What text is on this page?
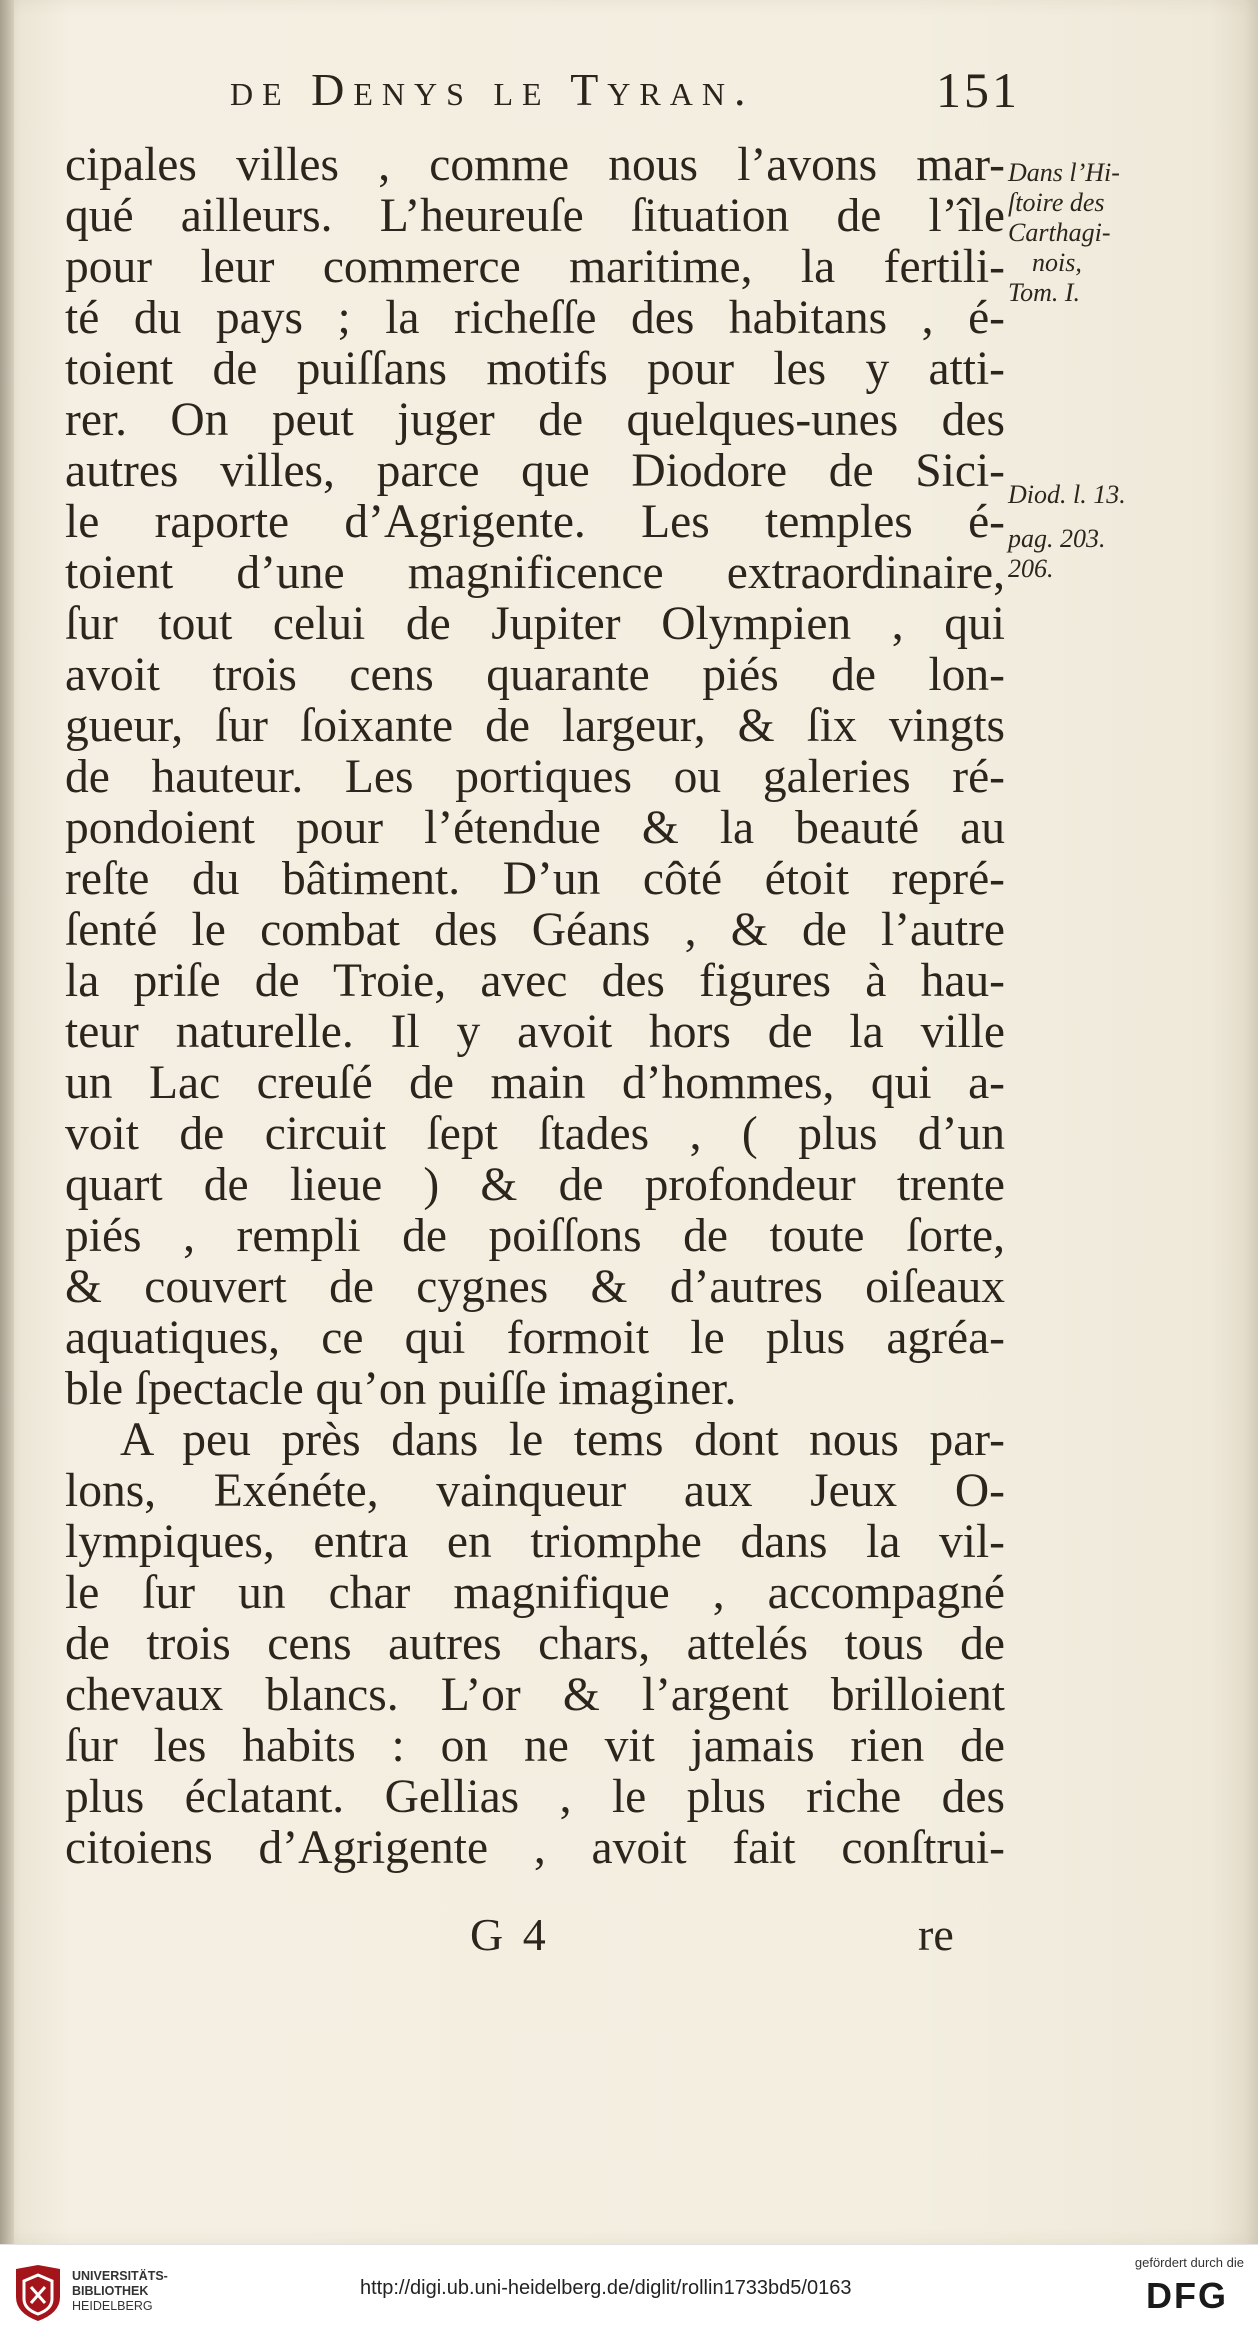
de Denys le Tyran.	151
cipales villes , comme nous l’avons mar-
qué ailleurs. L’heureuſe ſituation de l’île
pour leur commerce maritime, la fertili-
té du pays ; la richeſſe des habitans , é-
toient de puiſſans motifs pour les y atti-
rer. On peut juger de quelques-unes des
autres villes, parce que Diodore de Sici-
le raporte d’Agrigente. Les temples é-
toient d’une magnificence extraordinaire,
ſur tout celui de Jupiter Olympien , qui
avoit trois cens quarante piés de lon-
gueur, ſur ſoixante de largeur, & ſix vingts
de hauteur. Les portiques ou galeries ré-
pondoient pour l’étendue & la beauté au
reſte du bâtiment. D’un côté étoit repré-
ſenté le combat des Géans , & de l’autre
la priſe de Troie, avec des figures à hau-
teur naturelle. Il y avoit hors de la ville
un Lac creuſé de main d’hommes, qui a-
voit de circuit ſept ſtades , ( plus d’un
quart de lieue ) & de profondeur trente
piés , rempli de poiſſons de toute ſorte,
& couvert de cygnes & d’autres oiſeaux
aquatiques, ce qui formoit le plus agréa-
ble ſpectacle qu’on puiſſe imaginer.
A peu près dans le tems dont nous par-
lons, Exénéte, vainqueur aux Jeux O-
lympiques, entra en triomphe dans la vil-
le ſur un char magnifique , accompagné
de trois cens autres chars, attelés tous de
chevaux blancs. L’or & l’argent brilloient
ſur les habits : on ne vit jamais rien de
plus éclatant. Gellias , le plus riche des
citoiens d’Agrigente , avoit fait conſtrui-
Dans l’Hi-
ſtoire des
Carthagi-
nois,
Tom. I.
Diod. l. 13.
pag. 203.
206.
G 4	re
UNIVERSITÄTS-
BIBLIOTHEK
HEIDELBERG
http://digi.ub.uni-heidelberg.de/diglit/rollin1733bd5/0163
gefördert durch die
DFG
